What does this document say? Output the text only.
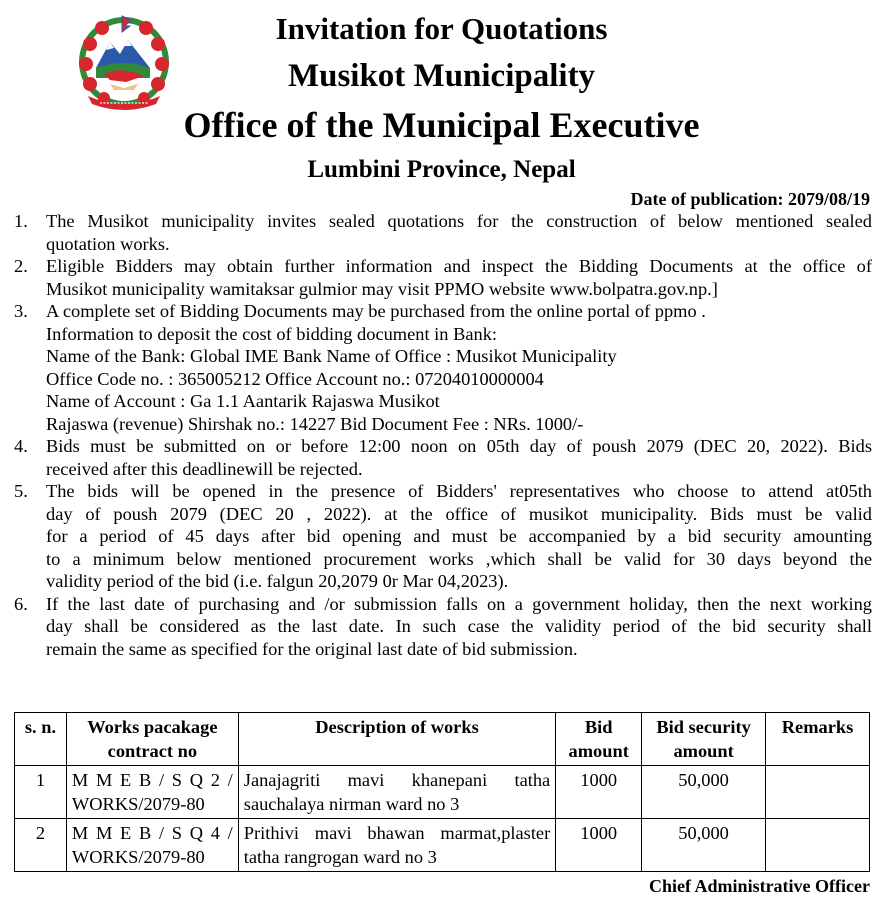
Invitation for Quotations
Musikot Municipality
Office of the Municipal Executive
Lumbini Province, Nepal
Date of publication: 2079/08/19
1. The Musikot municipality invites sealed quotations for the construction of below mentioned sealed
quotation works.
2. Eligible Bidders may obtain further information and inspect the Bidding Documents at the office of
Musikot municipality wamitaksar gulmior may visit PPMO website www.bolpatra.gov.np.]
3. A complete set of Bidding Documents may be purchased from the online portal of ppmo .
Information to deposit the cost of bidding document in Bank:
Name of the Bank: Global IME Bank Name of Office : Musikot Municipality
Office Code no. : 365005212 Office Account no.: 07204010000004
Name of Account : Ga 1.1 Aantarik Rajaswa Musikot
Rajaswa (revenue) Shirshak no.: 14227 Bid Document Fee : NRs. 1000/-
4. Bids must be submitted on or before 12:00 noon on 05th day of poush 2079 (DEC 20, 2022). Bids
received after this deadlinewill be rejected.
5. The bids will be opened in the presence of Bidders' representatives who choose to attend at05th
day of poush 2079 (DEC 20 , 2022). at the office of musikot municipality. Bids must be valid
for a period of 45 days after bid opening and must be accompanied by a bid security amounting
to a minimum below mentioned procurement works ,which shall be valid for 30 days beyond the
validity period of the bid (i.e. falgun 20,2079 0r Mar 04,2023).
6. If the last date of purchasing and /or submission falls on a government holiday, then the next working
day shall be considered as the last date. In such case the validity period of the bid security shall
remain the same as specified for the original last date of bid submission.
s. n.	Works pacakage contract no	Description of works	Bid amount	Bid security amount	Remarks
1	M M E B / S Q 2 /
WORKS/2079-80	Janajagriti mavi khanepani tatha
sauchalaya nirman ward no 3	1000	50,000	
2	M M E B / S Q 4 /
WORKS/2079-80	Prithivi mavi bhawan marmat,plaster
tatha rangrogan ward no 3	1000	50,000	
Chief Administrative Officer
